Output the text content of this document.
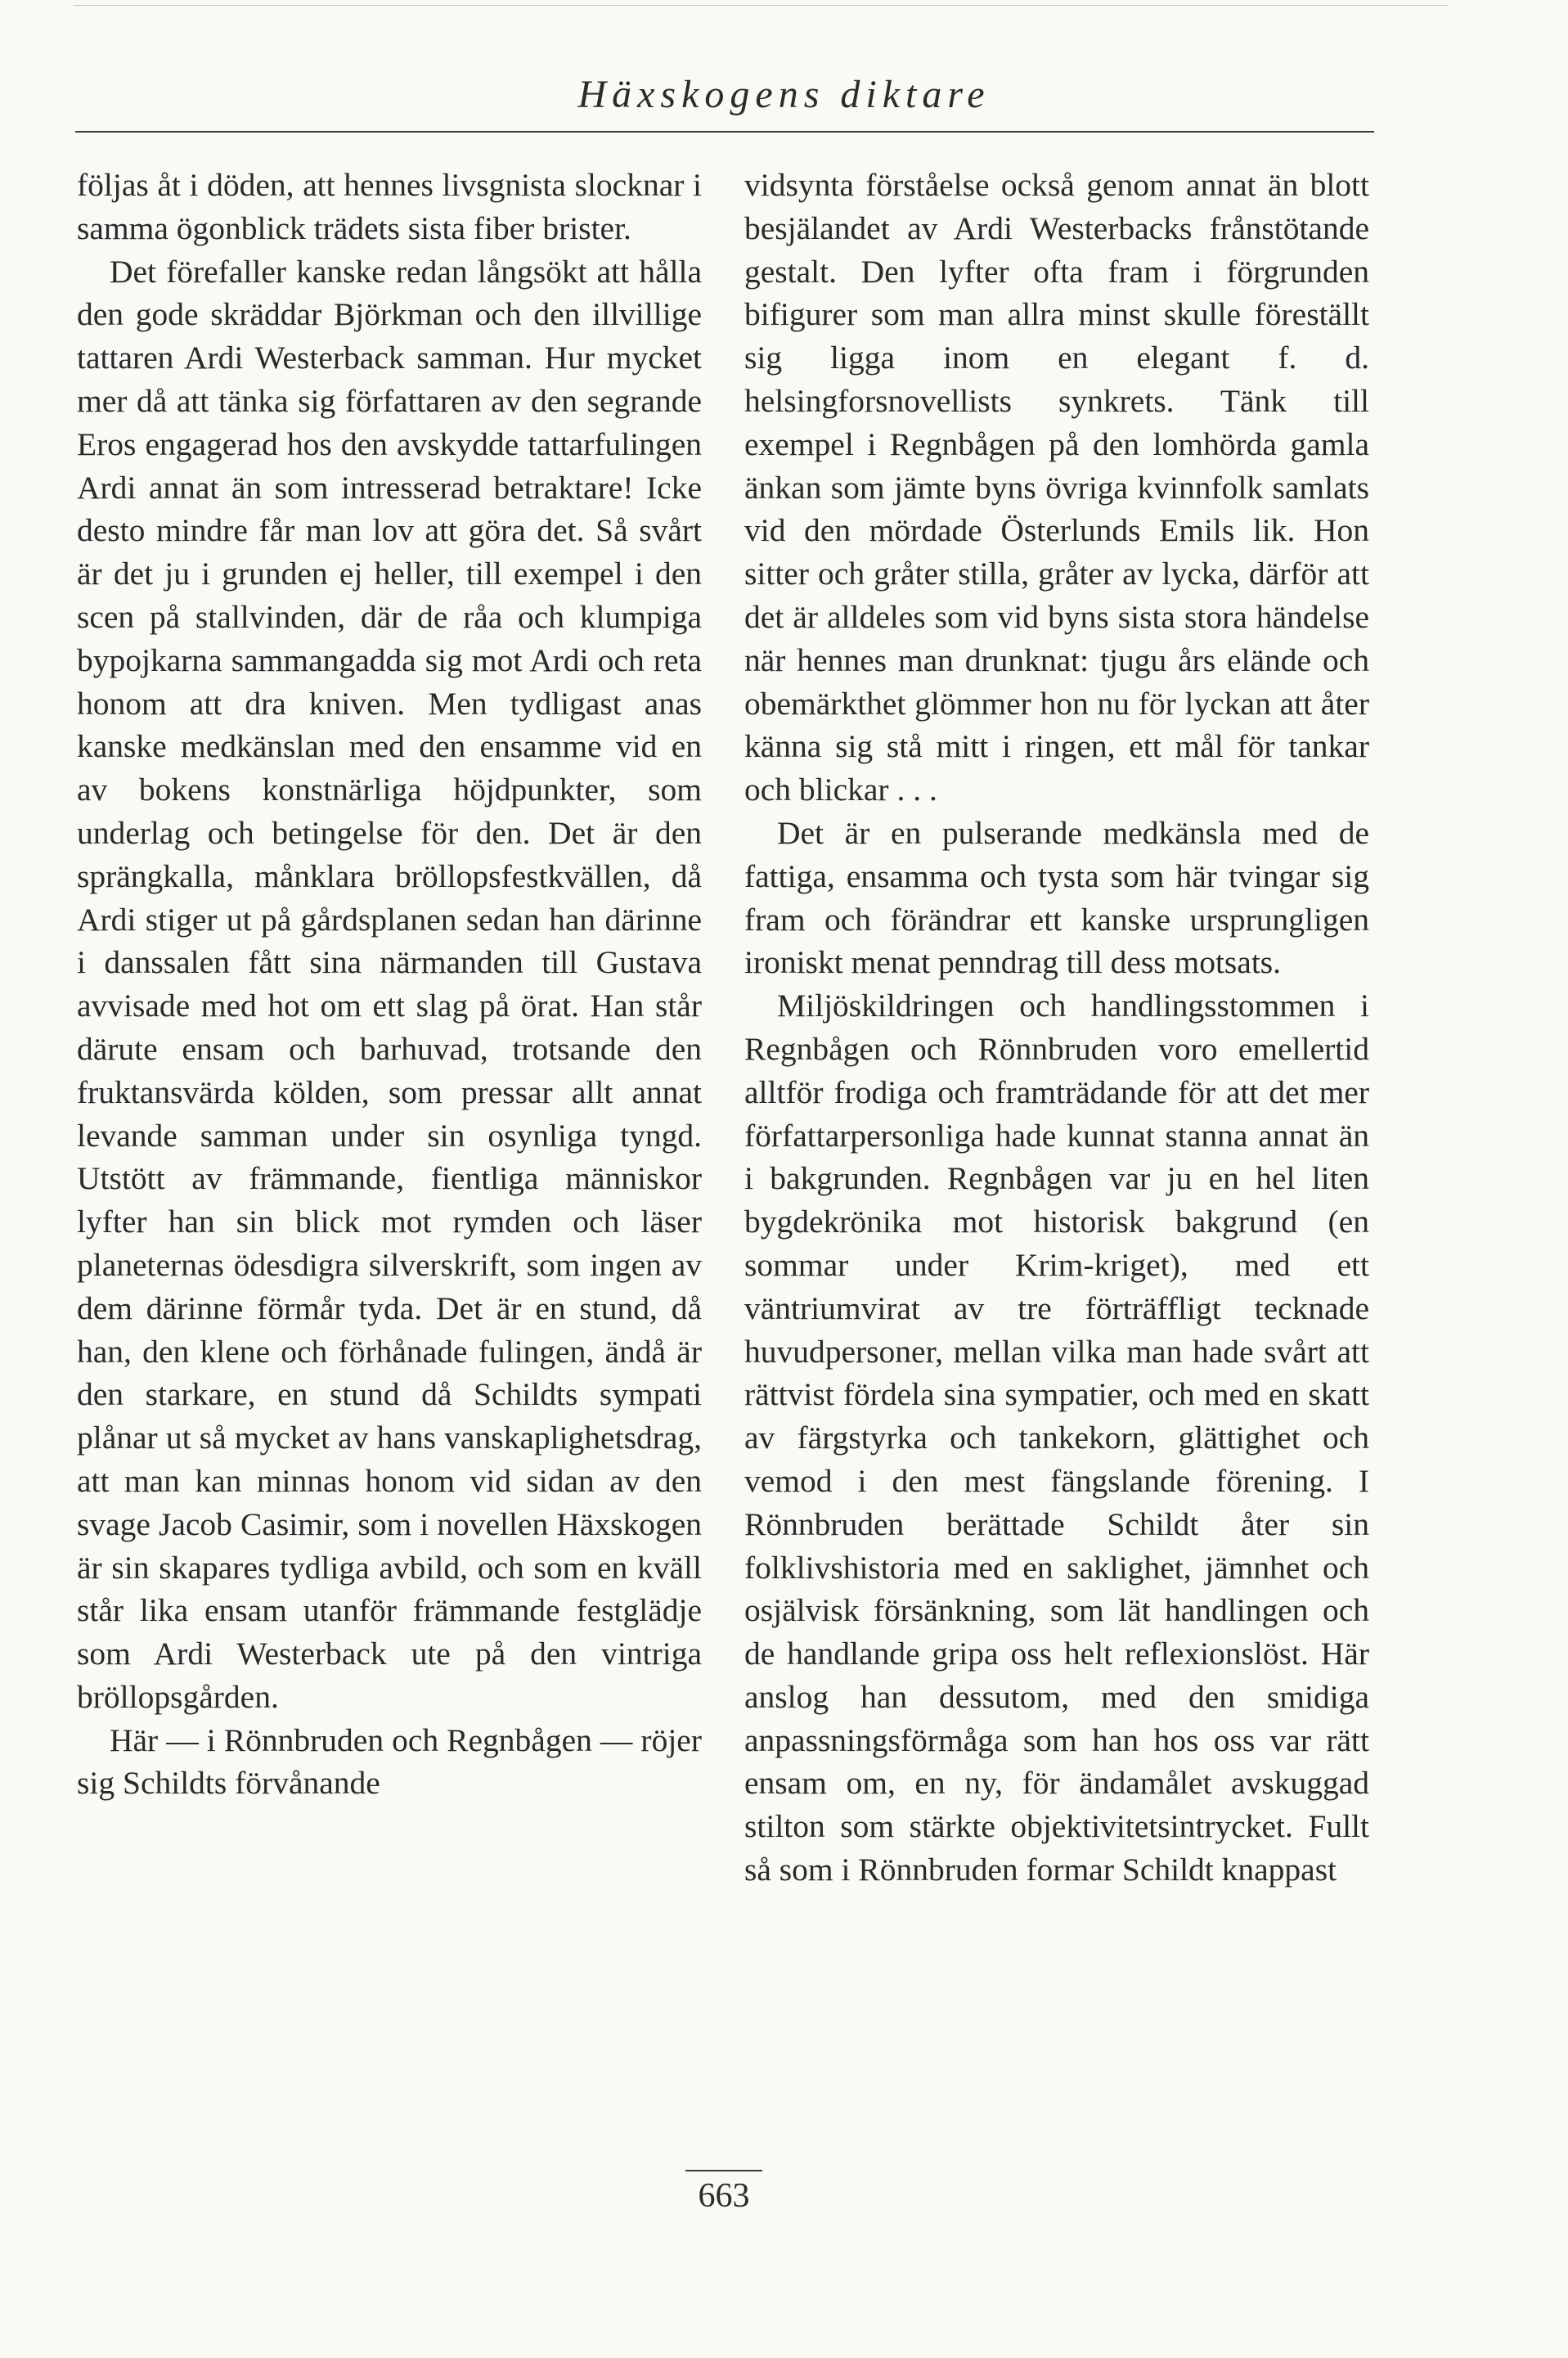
Häxskogens diktare

följas åt i döden, att hennes livsgnista slocknar i samma ögonblick trädets sista fiber brister.

Det förefaller kanske redan långsökt att hålla den gode skräddar Björkman och den illvillige tattaren Ardi Westerback samman. Hur mycket mer då att tänka sig författaren av den segrande Eros engagerad hos den avskydde tattarfulingen Ardi annat än som intresserad betraktare! Icke desto mindre får man lov att göra det. Så svårt är det ju i grunden ej heller, till exempel i den scen på stallvinden, där de råa och klumpiga bypojkarna sammangadda sig mot Ardi och reta honom att dra kniven. Men tydligast anas kanske medkänslan med den ensamme vid en av bokens konstnärliga höjdpunkter, som underlag och betingelse för den. Det är den sprängkalla, månklara bröllopsfestkvällen, då Ardi stiger ut på gårdsplanen sedan han därinne i danssalen fått sina närmanden till Gustava avvisade med hot om ett slag på örat. Han står därute ensam och barhuvad, trotsande den fruktansvärda kölden, som pressar allt annat levande samman under sin osynliga tyngd. Utstött av främmande, fientliga människor lyfter han sin blick mot rymden och läser planeternas ödesdigra silverskrift, som ingen av dem därinne förmår tyda. Det är en stund, då han, den klene och förhånade fulingen, ändå är den starkare, en stund då Schildts sympati plånar ut så mycket av hans vanskaplighetsdrag, att man kan minnas honom vid sidan av den svage Jacob Casimir, som i novellen Häxskogen är sin skapares tydliga avbild, och som en kväll står lika ensam utanför främmande festglädje som Ardi Westerback ute på den vintriga bröllopsgården.

Här — i Rönnbruden och Regnbågen — röjer sig Schildts förvånande

vidsynta förståelse också genom annat än blott besjälandet av Ardi Westerbacks frånstötande gestalt. Den lyfter ofta fram i förgrunden bifigurer som man allra minst skulle föreställt sig ligga inom en elegant f. d. helsingforsnovellists synkrets. Tänk till exempel i Regnbågen på den lomhörda gamla änkan som jämte byns övriga kvinnfolk samlats vid den mördade Österlunds Emils lik. Hon sitter och gråter stilla, gråter av lycka, därför att det är alldeles som vid byns sista stora händelse när hennes man drunknat: tjugu års elände och obemärkthet glömmer hon nu för lyckan att åter känna sig stå mitt i ringen, ett mål för tankar och blickar . . .

Det är en pulserande medkänsla med de fattiga, ensamma och tysta som här tvingar sig fram och förändrar ett kanske ursprungligen ironiskt menat penndrag till dess motsats.

Miljöskildringen och handlingsstommen i Regnbågen och Rönnbruden voro emellertid alltför frodiga och framträdande för att det mer författarpersonliga hade kunnat stanna annat än i bakgrunden. Regnbågen var ju en hel liten bygdekrönika mot historisk bakgrund (en sommar under Krim-kriget), med ett väntriumvirat av tre förträffligt tecknade huvudpersoner, mellan vilka man hade svårt att rättvist fördela sina sympatier, och med en skatt av färgstyrka och tankekorn, glättighet och vemod i den mest fängslande förening. I Rönnbruden berättade Schildt åter sin folklivshistoria med en saklighet, jämnhet och osjälvisk försänkning, som lät handlingen och de handlande gripa oss helt reflexionslöst. Här anslog han dessutom, med den smidiga anpassningsförmåga som han hos oss var rätt ensam om, en ny, för ändamålet avskuggad stilton som stärkte objektivitetsintrycket. Fullt så som i Rönnbruden formar Schildt knappast

663
